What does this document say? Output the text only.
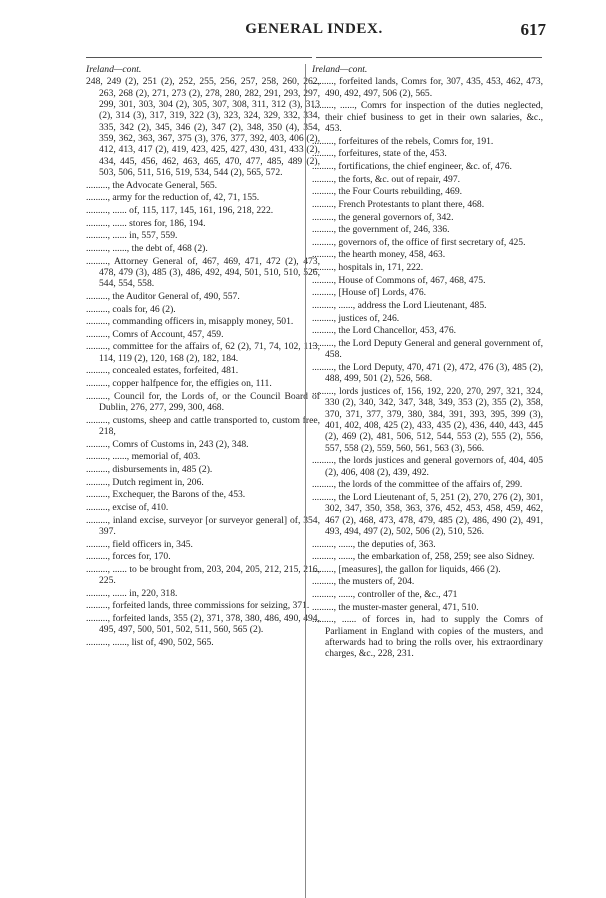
GENERAL INDEX.	617
Ireland—cont.

248, 249 (2), 251 (2), 252, 255, 256, 257, 258, 260, 262, 263, 268 (2), 271, 273 (2), 278, 280, 282, 291, 293, 297, 299, 301, 303, 304 (2), 305, 307, 308, 311, 312 (3), 313 (2), 314 (3), 317, 319, 322 (3), 323, 324, 329, 332, 334, 335, 342 (2), 345, 346 (2), 347 (2), 348, 350 (4), 354, 359, 362, 363, 367, 375 (3), 376, 377, 392, 403, 406 (2), 412, 413, 417 (2), 419, 423, 425, 427, 430, 431, 433 (2), 434, 445, 456, 462, 463, 465, 470, 477, 485, 489 (2), 503, 506, 511, 516, 519, 534, 544 (2), 565, 572.

........., the Advocate General, 565.

........., army for the reduction of, 42, 71, 155.

........., ...... of, 115, 117, 145, 161, 196, 218, 222.

........., ...... stores for, 186, 194.

........., ...... in, 557, 559.

........., ......, the debt of, 468 (2).

........., Attorney General of, 467, 469, 471, 472 (2), 473, 478, 479 (3), 485 (3), 486, 492, 494, 501, 510, 510, 526, 544, 554, 558.

........., the Auditor General of, 490, 557.

........., coals for, 46 (2).

........., commanding officers in, misapply money, 501.

........., Comrs of Account, 457, 459.

........., committee for the affairs of, 62 (2), 71, 74, 102, 113, 114, 119 (2), 120, 168 (2), 182, 184.

........., concealed estates, forfeited, 481.

........., copper halfpence for, the effigies on, 111.

........., Council for, the Lords of, or the Council Board of Dublin, 276, 277, 299, 300, 468.

........., customs, sheep and cattle transported to, custom free, 218,

........., Comrs of Customs in, 243 (2), 348.

........., ......, memorial of, 403.

........., disbursements in, 485 (2).

........., Dutch regiment in, 206.

........., Exchequer, the Barons of the, 453.

........., excise of, 410.

........., inland excise, surveyor [or surveyor general] of, 354, 397.

........., field officers in, 345.

........., forces for, 170.

........., ...... to be brought from, 203, 204, 205, 212, 215, 216, 225.

........., ...... in, 220, 318.

........., forfeited lands, three commissions for seizing, 371.

........., forfeited lands, 355 (2), 371, 378, 380, 486, 490, 494, 495, 497, 500, 501, 502, 511, 560, 565 (2).

........., ......, list of, 490, 502, 565.

Ireland—cont.

........., forfeited lands, Comrs for, 307, 435, 453, 462, 473, 490, 492, 497, 506 (2), 565.

........., ......, Comrs for inspection of the duties neglected, their chief business to get in their own salaries, &c., 453.

........., forfeitures of the rebels, Comrs for, 191.

........., forfeitures, state of the, 453.

........., fortifications, the chief engineer, &c. of, 476.

........., the forts, &c. out of repair, 497.

........., the Four Courts rebuilding, 469.

........., French Protestants to plant there, 468.

........., the general governors of, 342.

........., the government of, 246, 336.

........., governors of, the office of first secretary of, 425.

........., the hearth money, 458, 463.

........., hospitals in, 171, 222.

........., House of Commons of, 467, 468, 475.

........., [House of] Lords, 476.

........., ......, address the Lord Lieutenant, 485.

........., justices of, 246.

........., the Lord Chancellor, 453, 476.

........., the Lord Deputy General and general government of, 458.

........., the Lord Deputy, 470, 471 (2), 472, 476 (3), 485 (2), 488, 499, 501 (2), 526, 568.

........., lords justices of, 156, 192, 220, 270, 297, 321, 324, 330 (2), 340, 342, 347, 348, 349, 353 (2), 355 (2), 358, 370, 371, 377, 379, 380, 384, 391, 393, 395, 399 (3), 401, 402, 408, 425 (2), 433, 435 (2), 436, 440, 443, 445 (2), 469 (2), 481, 506, 512, 544, 553 (2), 555 (2), 556, 557, 558 (2), 559, 560, 561, 563 (3), 566.

........., the lords justices and general governors of, 404, 405 (2), 406, 408 (2), 439, 492.

........., the lords of the committee of the affairs of, 299.

........., the Lord Lieutenant of, 5, 251 (2), 270, 276 (2), 301, 302, 347, 350, 358, 363, 376, 452, 453, 458, 459, 462, 467 (2), 468, 473, 478, 479, 485 (2), 486, 490 (2), 491, 493, 494, 497 (2), 502, 506 (2), 510, 526.

........., ......, the deputies of, 363.

........., ......, the embarkation of, 258, 259; see also Sidney.

........., [measures], the gallon for liquids, 466 (2).

........., the musters of, 204.

........., ......, controller of the, &c., 471

........., the muster-master general, 471, 510.

........., ...... of forces in, had to supply the Comrs of Parliament in England with copies of the musters, and afterwards had to bring the rolls over, his extraordinary charges, &c., 228, 231.
